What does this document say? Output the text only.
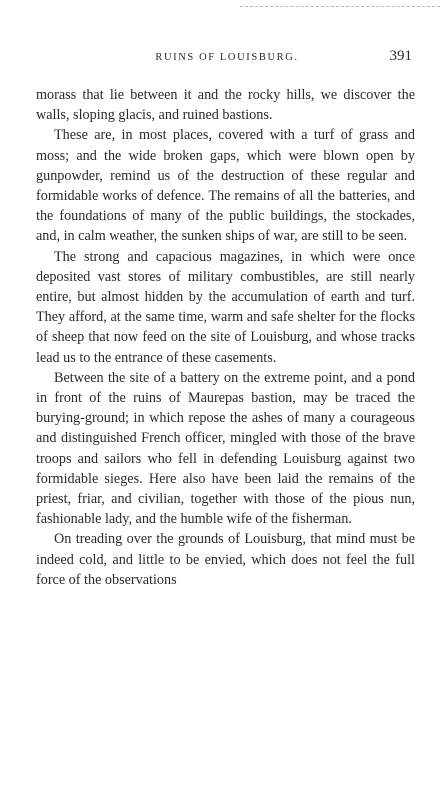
RUINS OF LOUISBURG.	391

morass that lie between it and the rocky hills, we discover the walls, sloping glacis, and ruined bastions.

These are, in most places, covered with a turf of grass and moss; and the wide broken gaps, which were blown open by gunpowder, remind us of the destruction of these regular and formidable works of defence. The remains of all the batteries, and the foundations of many of the public buildings, the stockades, and, in calm weather, the sunken ships of war, are still to be seen.

The strong and capacious magazines, in which were once deposited vast stores of military combustibles, are still nearly entire, but almost hidden by the accumulation of earth and turf. They afford, at the same time, warm and safe shelter for the flocks of sheep that now feed on the site of Louisburg, and whose tracks lead us to the entrance of these casements.

Between the site of a battery on the extreme point, and a pond in front of the ruins of Maurepas bastion, may be traced the burying-ground; in which repose the ashes of many a courageous and distinguished French officer, mingled with those of the brave troops and sailors who fell in defending Louisburg against two formidable sieges. Here also have been laid the remains of the priest, friar, and civilian, together with those of the pious nun, fashionable lady, and the humble wife of the fisherman.

On treading over the grounds of Louisburg, that mind must be indeed cold, and little to be envied, which does not feel the full force of the observations
